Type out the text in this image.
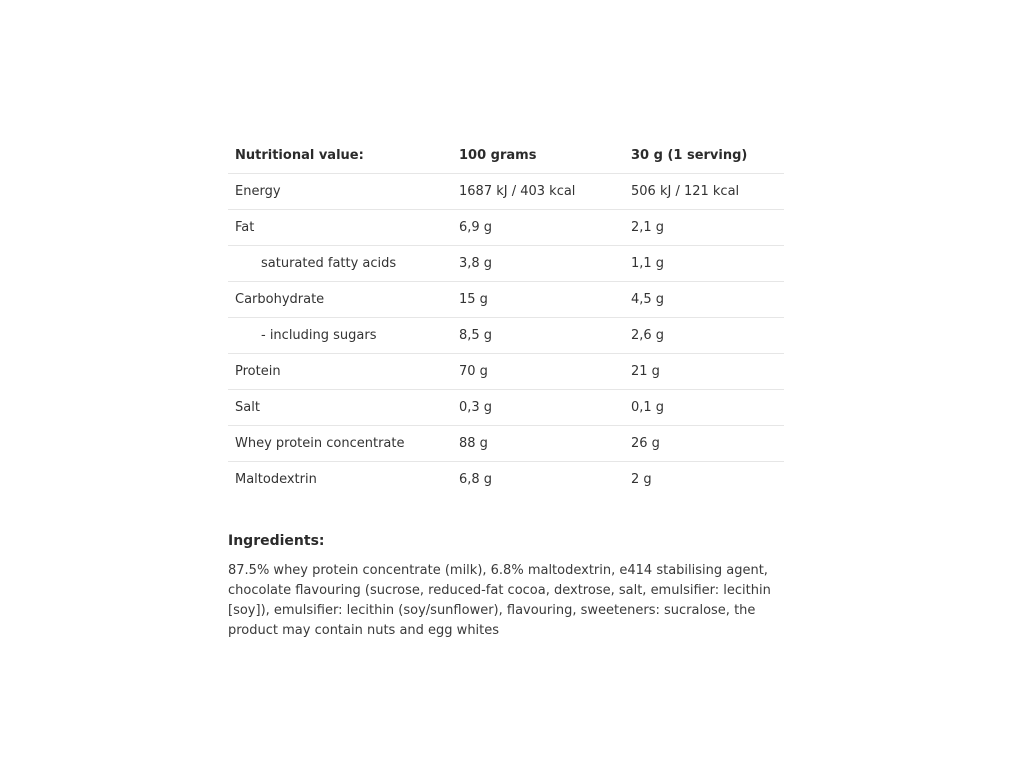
Nutritional value:	100 grams	30 g (1 serving)
Energy	1687 kJ / 403 kcal	506 kJ / 121 kcal
Fat	6,9 g	2,1 g
saturated fatty acids	3,8 g	1,1 g
Carbohydrate	15 g	4,5 g
- including sugars	8,5 g	2,6 g
Protein	70 g	21 g
Salt	0,3 g	0,1 g
Whey protein concentrate	88 g	26 g
Maltodextrin	6,8 g	2 g
Ingredients:

87.5% whey protein concentrate (milk), 6.8% maltodextrin, e414 stabilising agent, chocolate flavouring (sucrose, reduced-fat cocoa, dextrose, salt, emulsifier: lecithin [soy]), emulsifier: lecithin (soy/sunflower), flavouring, sweeteners: sucralose, the product may contain nuts and egg whites
